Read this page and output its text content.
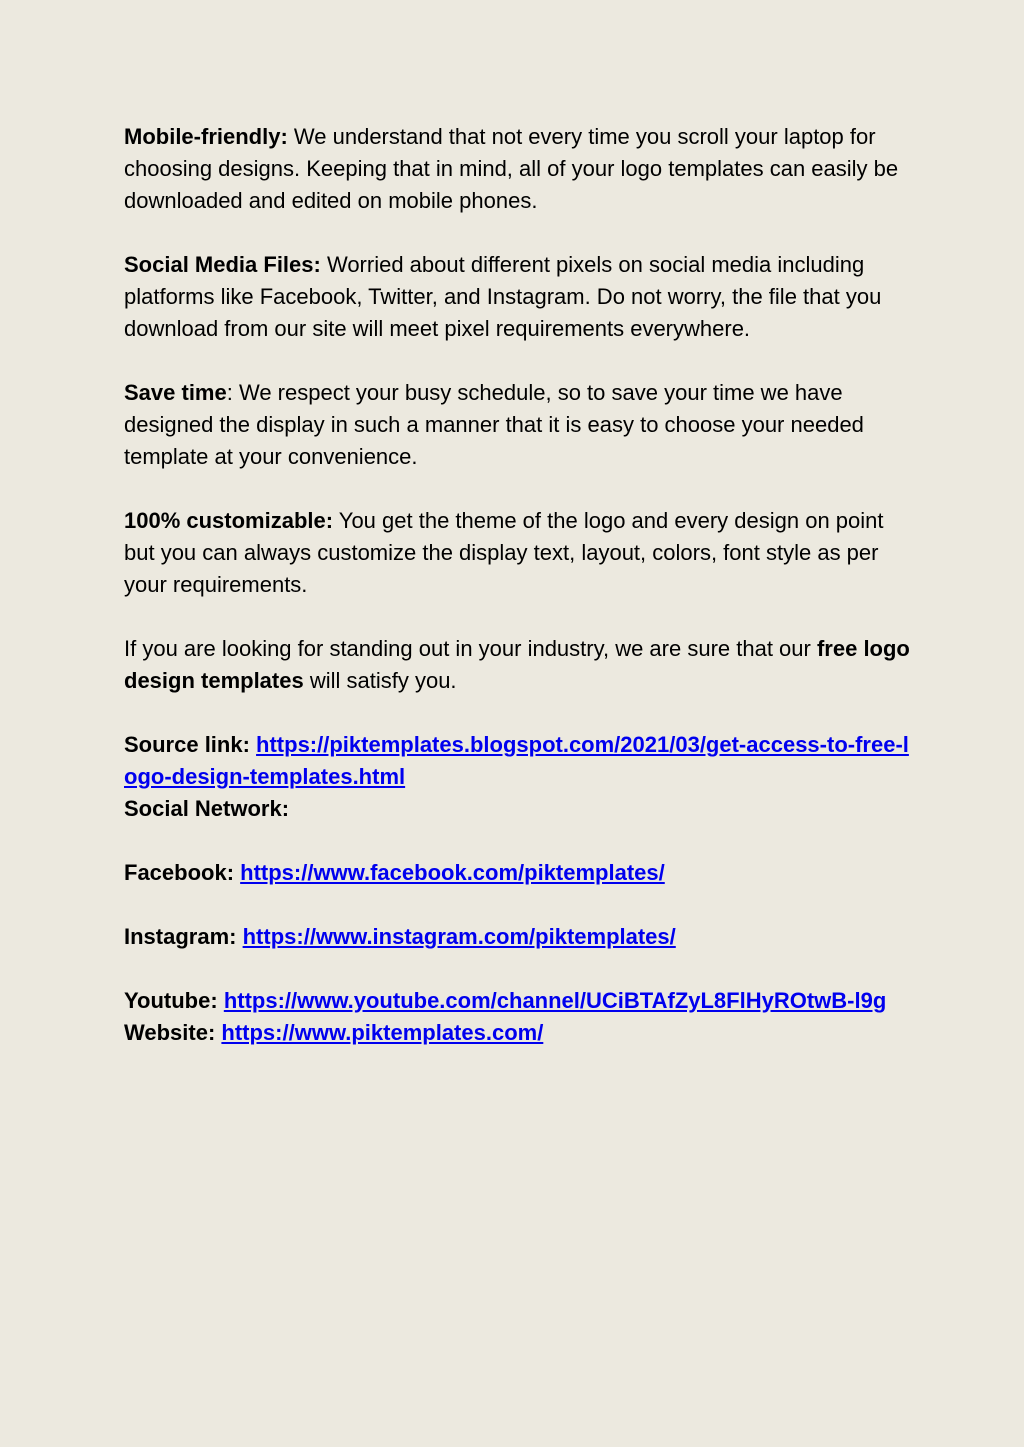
Mobile-friendly: We understand that not every time you scroll your laptop for choosing designs. Keeping that in mind, all of your logo templates can easily be downloaded and edited on mobile phones.

Social Media Files: Worried about different pixels on social media including platforms like Facebook, Twitter, and Instagram. Do not worry, the file that you download from our site will meet pixel requirements everywhere.

Save time: We respect your busy schedule, so to save your time we have designed the display in such a manner that it is easy to choose your needed template at your convenience.

100% customizable: You get the theme of the logo and every design on point but you can always customize the display text, layout, colors, font style as per your requirements.

If you are looking for standing out in your industry, we are sure that our free logo design templates will satisfy you.

Source link: https://piktemplates.blogspot.com/2021/03/get-access-to-free-logo-design-templates.html

Social Network:

Facebook: https://www.facebook.com/piktemplates/

Instagram: https://www.instagram.com/piktemplates/

Youtube: https://www.youtube.com/channel/UCiBTAfZyL8FlHyROtwB-l9g

Website: https://www.piktemplates.com/
